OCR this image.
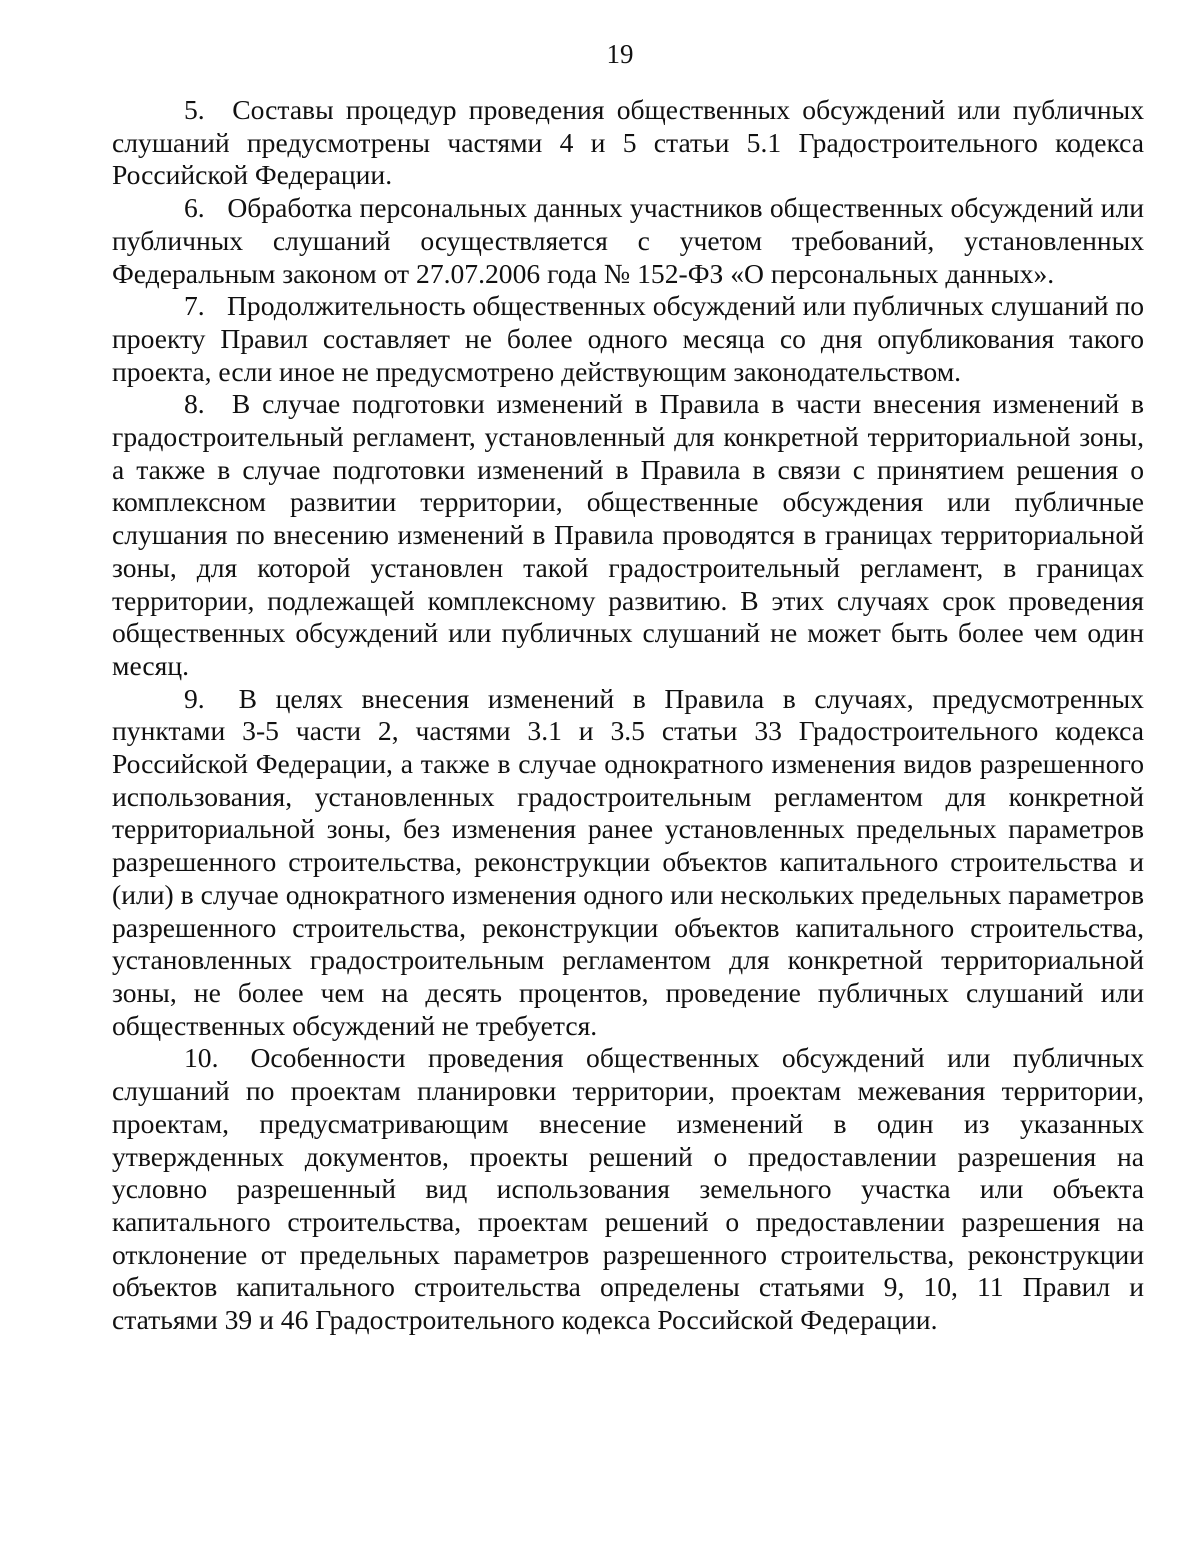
19

5. Составы процедур проведения общественных обсуждений или публичных слушаний предусмотрены частями 4 и 5 статьи 5.1 Градостроительного кодекса Российской Федерации.

6. Обработка персональных данных участников общественных обсуждений или публичных слушаний осуществляется с учетом требований, установленных Федеральным законом от 27.07.2006 года № 152-ФЗ «О персональных данных».

7. Продолжительность общественных обсуждений или публичных слушаний по проекту Правил составляет не более одного месяца со дня опубликования такого проекта, если иное не предусмотрено действующим законодательством.

8. В случае подготовки изменений в Правила в части внесения изменений в градостроительный регламент, установленный для конкретной территориальной зоны, а также в случае подготовки изменений в Правила в связи с принятием решения о комплексном развитии территории, общественные обсуждения или публичные слушания по внесению изменений в Правила проводятся в границах территориальной зоны, для которой установлен такой градостроительный регламент, в границах территории, подлежащей комплексному развитию. В этих случаях срок проведения общественных обсуждений или публичных слушаний не может быть более чем один месяц.

9. В целях внесения изменений в Правила в случаях, предусмотренных пунктами 3-5 части 2, частями 3.1 и 3.5 статьи 33 Градостроительного кодекса Российской Федерации, а также в случае однократного изменения видов разрешенного использования, установленных градостроительным регламентом для конкретной территориальной зоны, без изменения ранее установленных предельных параметров разрешенного строительства, реконструкции объектов капитального строительства и (или) в случае однократного изменения одного или нескольких предельных параметров разрешенного строительства, реконструкции объектов капитального строительства, установленных градостроительным регламентом для конкретной территориальной зоны, не более чем на десять процентов, проведение публичных слушаний или общественных обсуждений не требуется.

10. Особенности проведения общественных обсуждений или публичных слушаний по проектам планировки территории, проектам межевания территории, проектам, предусматривающим внесение изменений в один из указанных утвержденных документов, проекты решений о предоставлении разрешения на условно разрешенный вид использования земельного участка или объекта капитального строительства, проектам решений о предоставлении разрешения на отклонение от предельных параметров разрешенного строительства, реконструкции объектов капитального строительства определены статьями 9, 10, 11 Правил и статьями 39 и 46 Градостроительного кодекса Российской Федерации.
